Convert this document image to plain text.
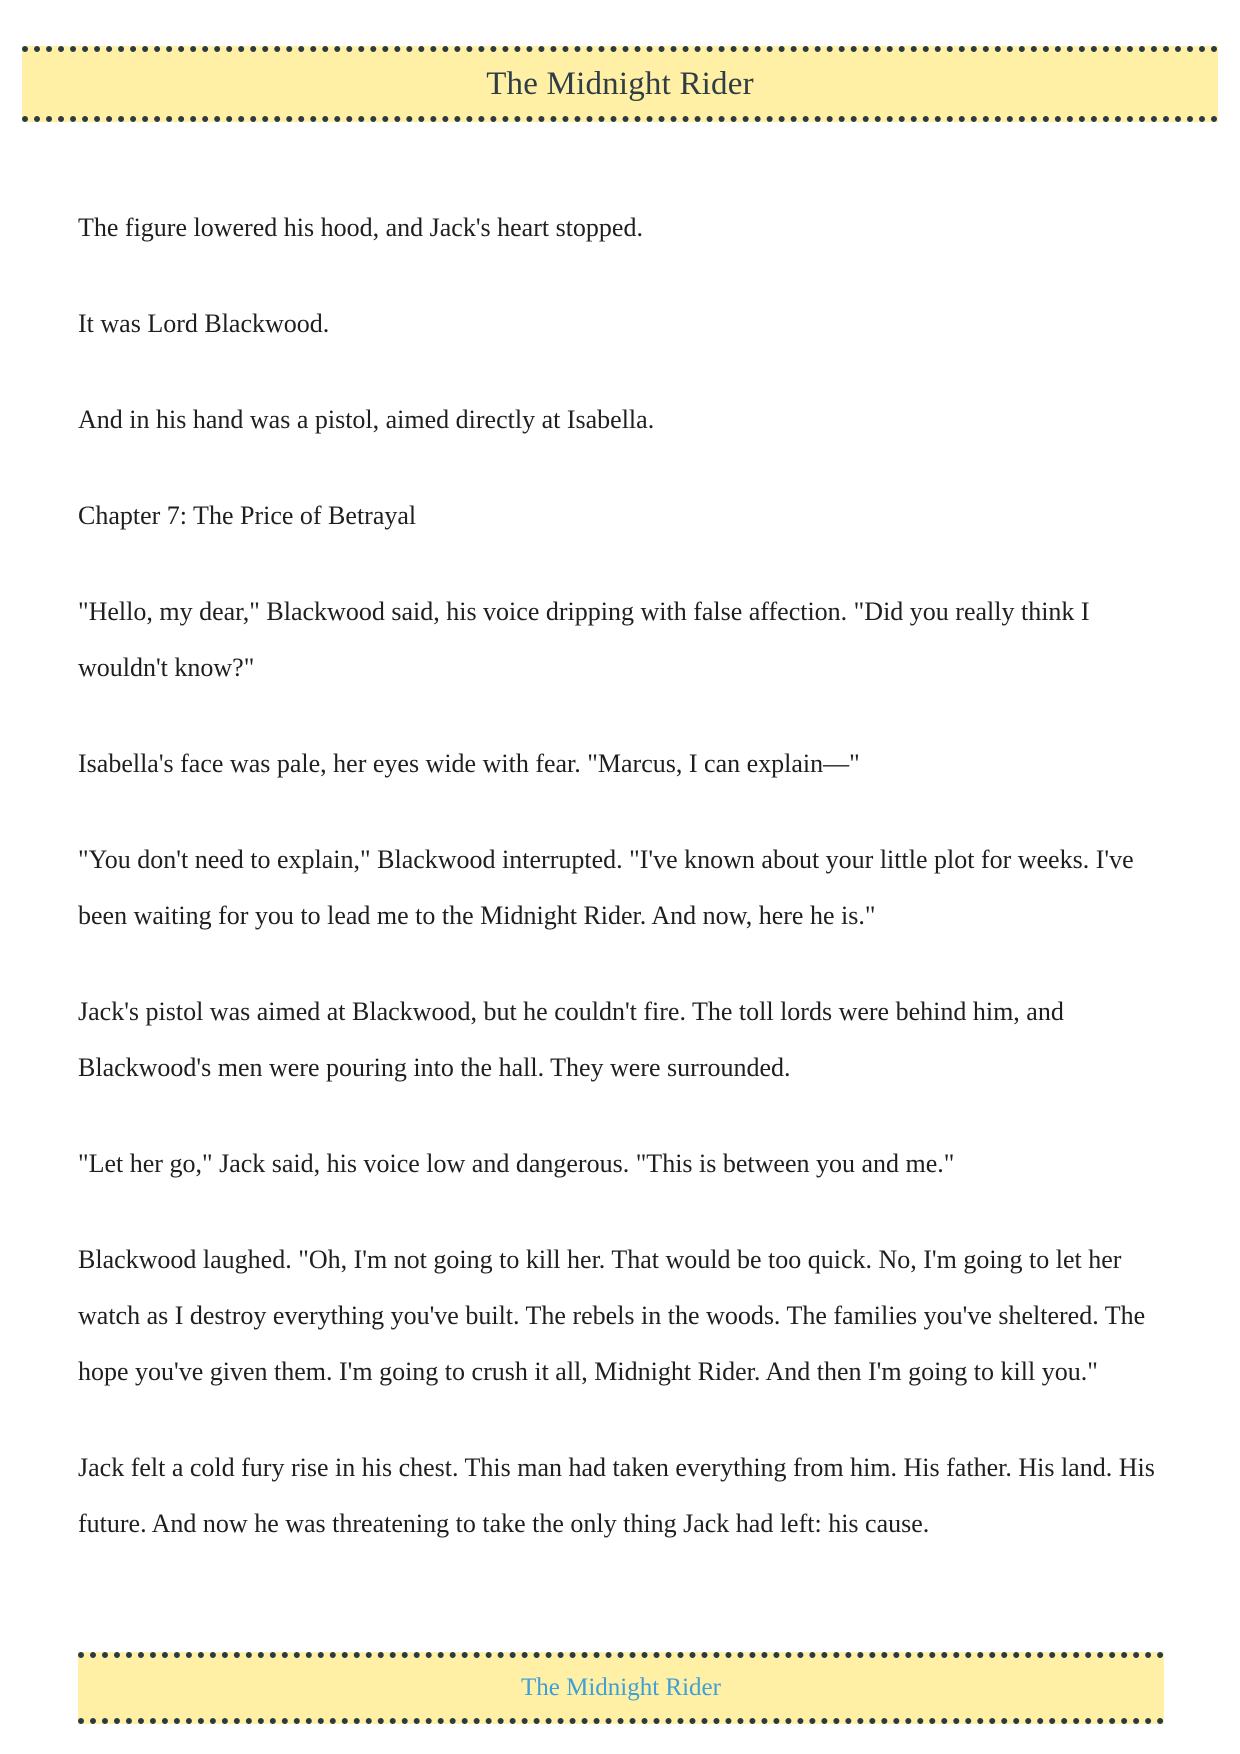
The Midnight Rider

The figure lowered his hood, and Jack's heart stopped.

It was Lord Blackwood.

And in his hand was a pistol, aimed directly at Isabella.

Chapter 7: The Price of Betrayal

"Hello, my dear," Blackwood said, his voice dripping with false affection. "Did you really think I wouldn't know?"

Isabella's face was pale, her eyes wide with fear. "Marcus, I can explain—"

"You don't need to explain," Blackwood interrupted. "I've known about your little plot for weeks. I've been waiting for you to lead me to the Midnight Rider. And now, here he is."

Jack's pistol was aimed at Blackwood, but he couldn't fire. The toll lords were behind him, and Blackwood's men were pouring into the hall. They were surrounded.

"Let her go," Jack said, his voice low and dangerous. "This is between you and me."

Blackwood laughed. "Oh, I'm not going to kill her. That would be too quick. No, I'm going to let her watch as I destroy everything you've built. The rebels in the woods. The families you've sheltered. The hope you've given them. I'm going to crush it all, Midnight Rider. And then I'm going to kill you."

Jack felt a cold fury rise in his chest. This man had taken everything from him. His father. His land. His future. And now he was threatening to take the only thing Jack had left: his cause.

The Midnight Rider
